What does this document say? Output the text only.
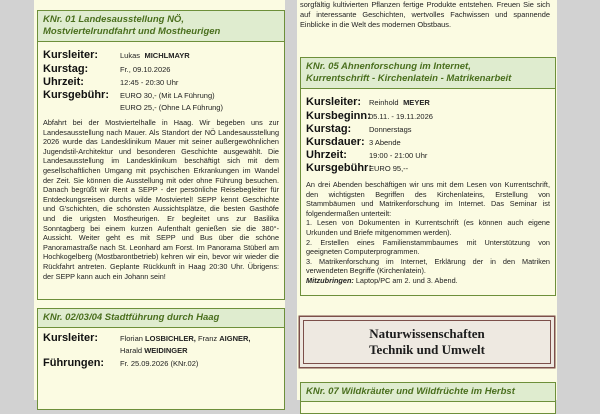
sorgfältig kultivierten Pflanzen fertige Produkte entstehen. Freuen Sie sich auf interessante Geschichten, wertvolles Fachwissen und spannende Einblicke in die Welt des modernen Obstbaus.

KNr. 01 Landesausstellung NÖ,
Mostviertelrundfahrt und Mostheurigen
Kursleiter:	Lukas
MICHLMAYR
Kurstag:	Fr., 09.10.2026
Uhrzeit:	12:45 - 20:30 Uhr
Kursgebühr:	EURO 30,- (Mit LA Führung)
EURO 25,- (Ohne LA Führung)

Abfahrt bei der Mostviertelhalle in Haag. Wir begeben uns zur Landesausstellung nach Mauer. Als Standort der NÖ Landesausstellung 2026 wurde das Landesklinikum Mauer mit seiner außergewöhnlichen Jugendstil-Architektur und besonderen Geschichte ausgewählt. Die Landesausstellung im Landesklinikum beschäftigt sich mit dem gesellschaftlichen Umgang mit psychischen Erkrankungen im Wandel der Zeit. Sie können die Ausstellung mit oder ohne Führung besuchen. Danach begrüßt wir Rent a SEPP - der persönliche Reisebegleiter für Entdeckungsreisen durchs wilde Mostviertel! SEPP kennt Geschichte und G'schichten, die schönsten Aussichtsplätze, die besten Gasthöfe und die urigsten Mostheurigen. Er begleitet uns zur Basilika Sonntagberg bei einem kurzen Aufenthalt genießen sie die 380°-Aussicht. Weiter geht es mit SEPP und Bus über die schöne Panoramastraße nach St. Leonhard am Forst. Im Panorama Stüberl am Hochkogelberg (Mostbarontbetrieb) kehren wir ein, bevor wir wieder die Rückfahrt antreten. Geplante Rückkunft in Haag 20:30 Uhr. Übrigens: der SEPP kann auch ein Johann sein!

KNr. 02/03/04 Stadtführung durch Haag
Kursleiter:	Florian LOSBICHLER, Franz AIGNER,
Harald WEIDINGER
Führungen:	Fr. 25.09.2026 (KNr.02)
KNr. 05 Ahnenforschung im Internet,
Kurrentschrift - Kirchenlatein - Matrikenarbeit
Kursleiter:	Reinhold
MEYER
Kursbeginn:
05.11. - 19.11.2026
Kurstag:	Donnerstags
Kursdauer: 3 Abende
Uhrzeit:	19:00 - 21:00 Uhr
Kursgebühr:
EURO 95,--

An drei Abenden beschäftigen wir uns mit dem Lesen von Kurrentschrift, den wichtigsten Begriffen des Kirchenlateins, Erstellung von Stammbäumen und Matrikenforschung im Internet. Das Seminar ist folgendermaßen unterteilt:

1. Lesen von Dokumenten in Kurrentschrift (es können auch eigene Urkunden und Briefe mitgenommen werden).

2. Erstellen eines Familienstammbaumes mit Unterstützung von geeigneten Computerprogrammen.

3. Matrikenforschung im Internet, Erklärung der in den Matriken verwendeten Begriffe (Kirchenlatein).

Mitzubringen: Laptop/PC am 2. und 3. Abend.

Naturwissenschaften
Technik und Umwelt
KNr. 07 Wildkräuter und Wildfrüchte im Herbst
